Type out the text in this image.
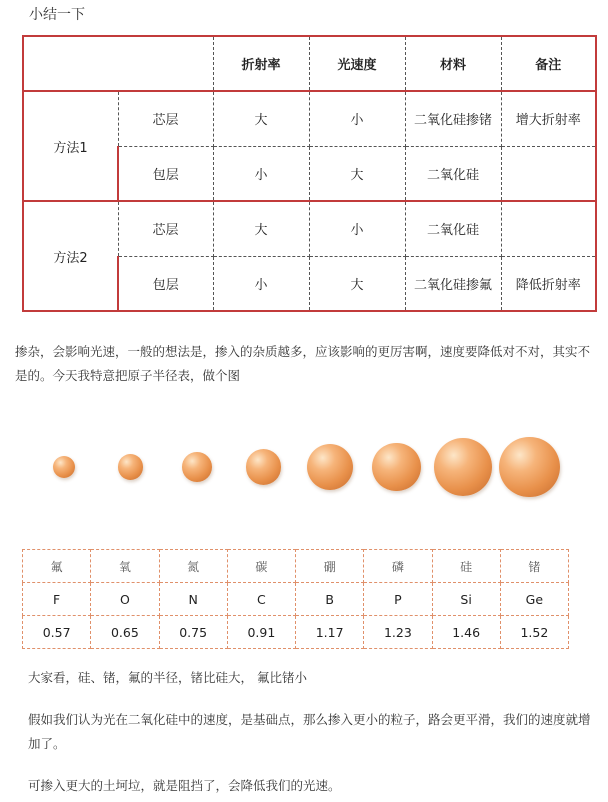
小结一下
		折射率	光速度	材料	备注
方法1	芯层	大	小	二氧化硅掺锗	增大折射率
	包层	小	大	二氧化硅	
方法2	芯层	大	小	二氧化硅	
	包层	小	大	二氧化硅掺氟	降低折射率
掺杂，会影响光速，一般的想法是，掺入的杂质越多，应该影响的更厉害啊，速度要降低对不对，其实不是的。今天我特意把原子半径表，做个图
氟	氧	氮	碳	硼	磷	硅	锗
F	O	N	C	B	P	Si	Ge
0.57	0.65	0.75	0.91	1.17	1.23	1.46	1.52
大家看，硅、锗，氟的半径，锗比硅大， 氟比锗小
假如我们认为光在二氧化硅中的速度，是基础点，那么掺入更小的粒子，路会更平滑，我们的速度就增加了。
可掺入更大的土坷垃，就是阻挡了，会降低我们的光速。
